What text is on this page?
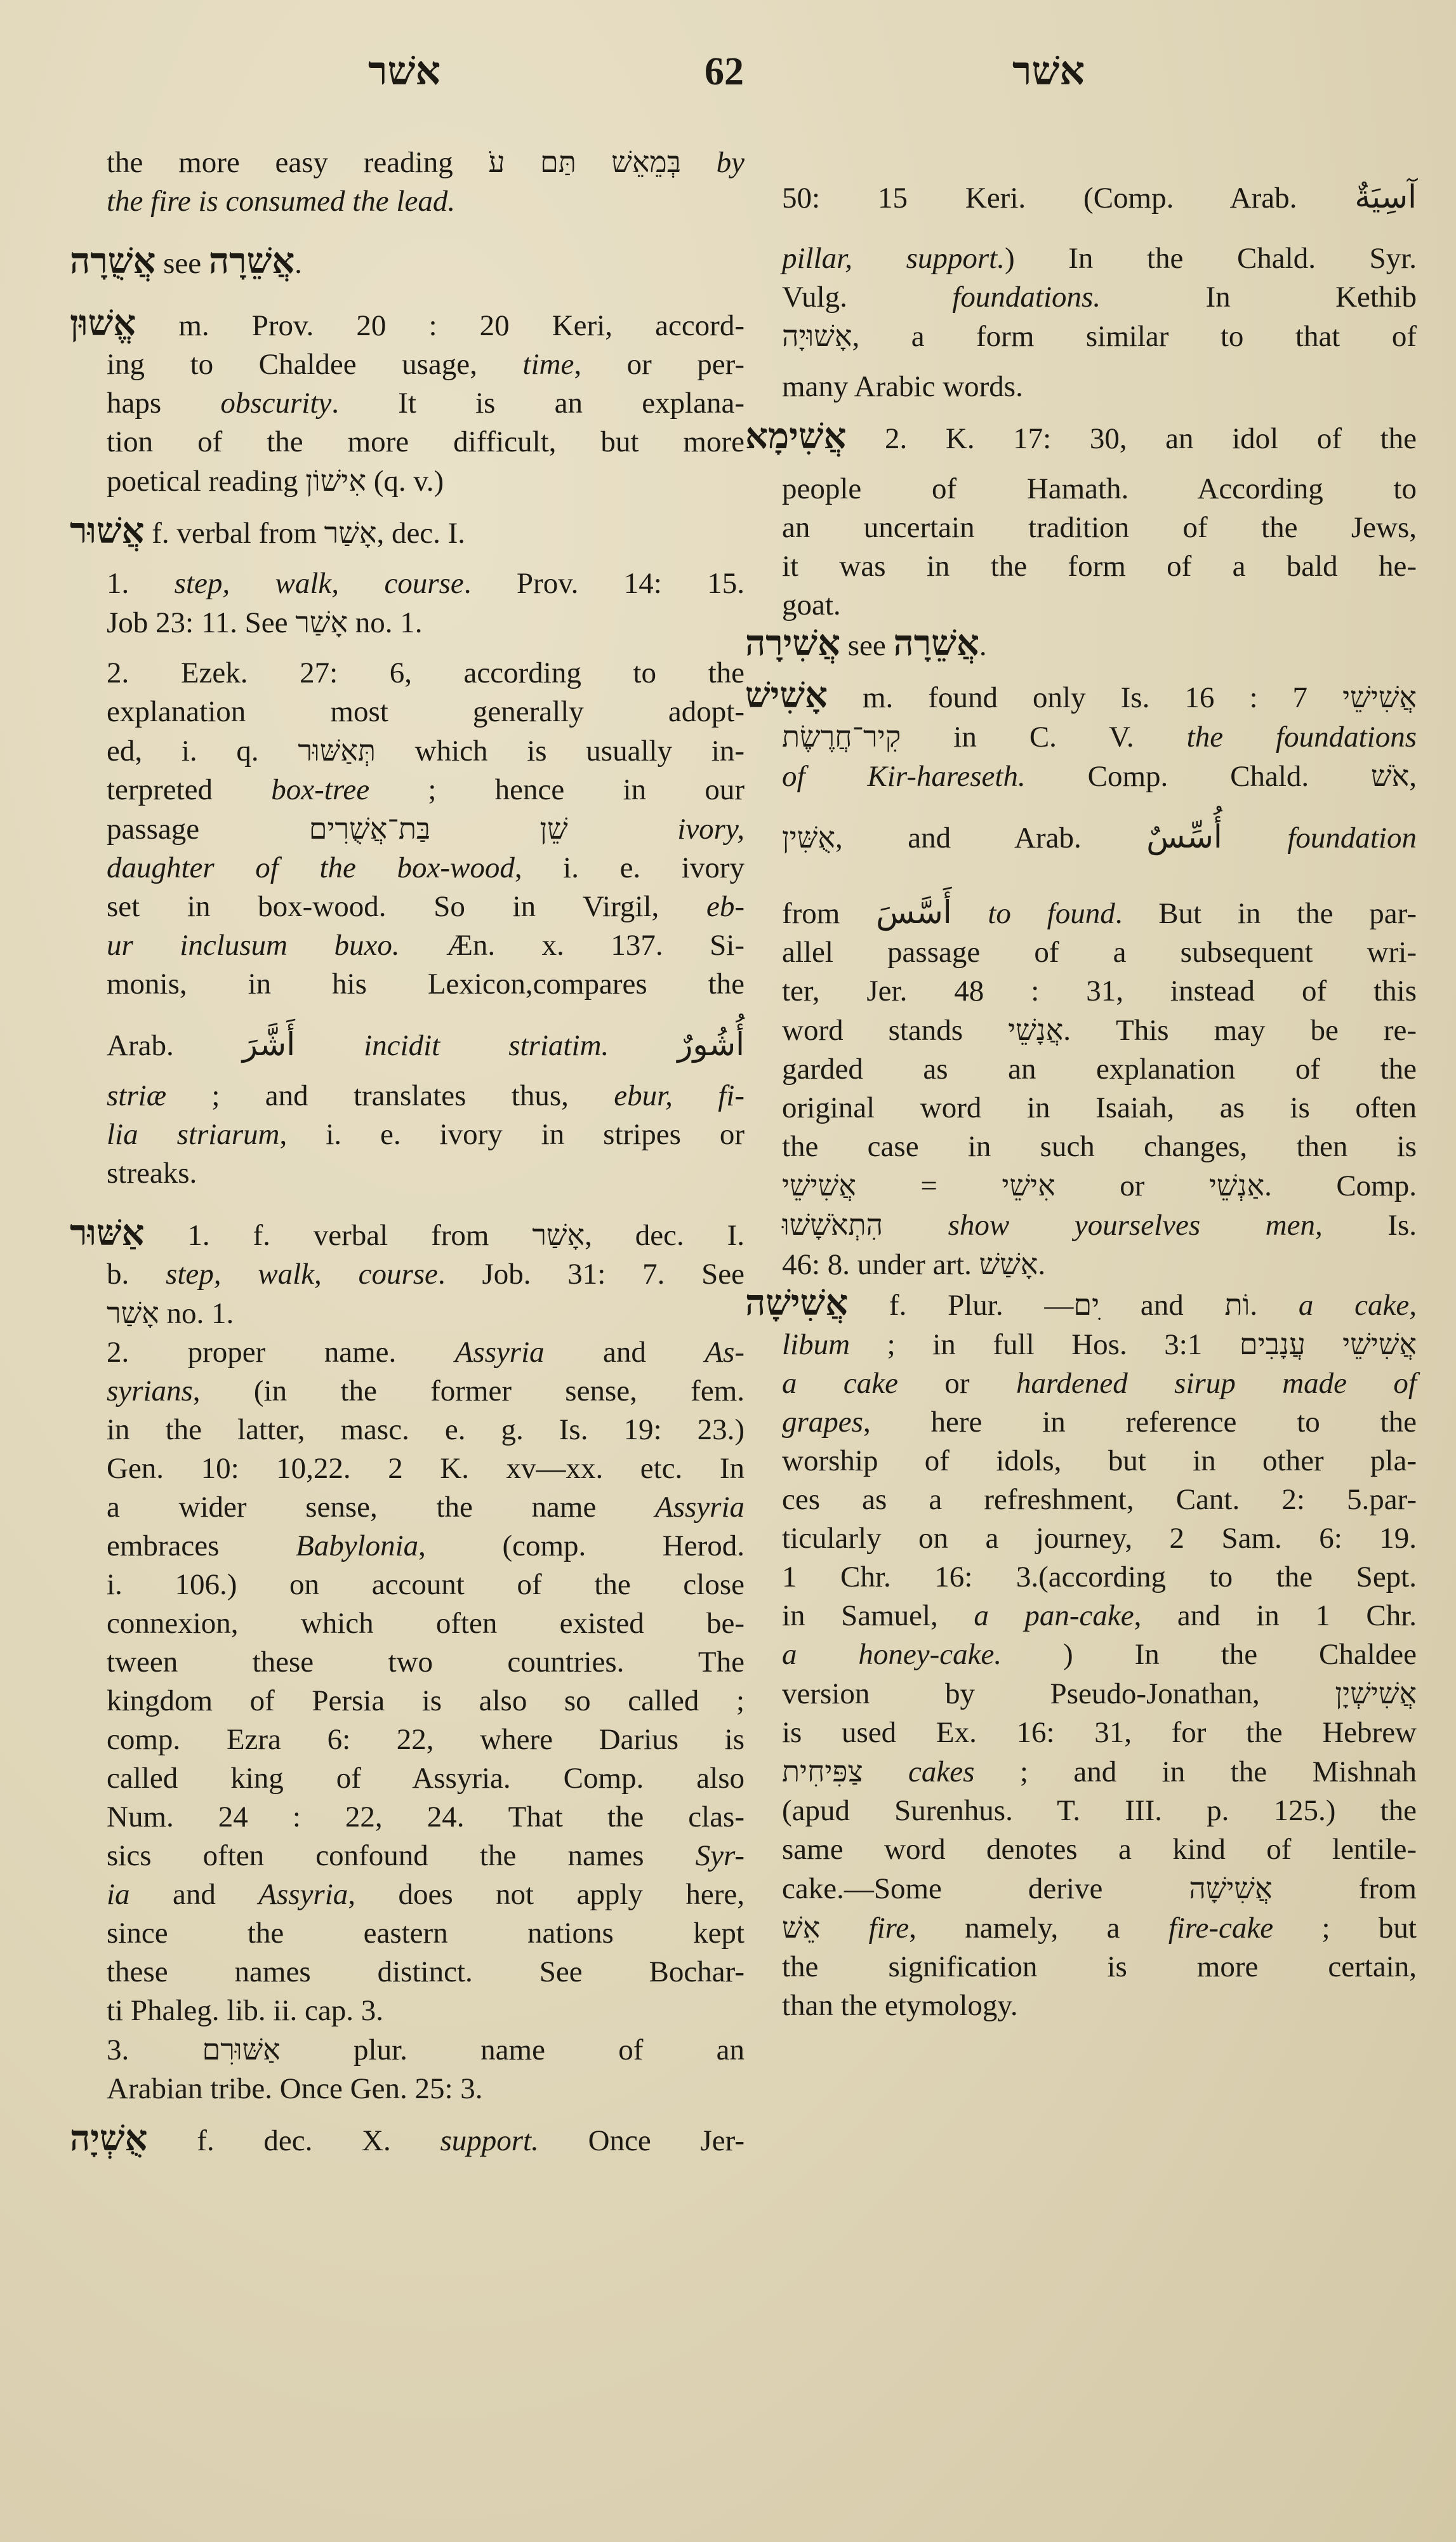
אשׁר	62	אשׁר
the more easy reading בְּמֵאֵשׁ תַּם עֹ by
the fire is consumed the lead.
אֲשֻׁרָה see אֲשֵׁרָה.
אֱשׁוּן m. Prov. 20 : 20 Keri, accord-
ing to Chaldee usage, time, or per-
haps obscurity. It is an explana-
tion of the more difficult, but more
poetical reading אִישׁוֹן (q. v.)
אֲשׁוּר f. verbal from אָשַׁר, dec. I.
1. step, walk, course. Prov. 14: 15.
Job 23: 11. See אָשַׁר no. 1.
2. Ezek. 27: 6, according to the
explanation most generally adopt-
ed, i. q. תְּאַשּׁוּר which is usually in-
terpreted box-tree ; hence in our
passage שֵׁן בַּת־אֲשֻׁרִים	ivory,
daughter of the box-wood, i. e. ivory
set in box-wood. So in Virgil, eb-
ur inclusum buxo. Æn. x. 137. Si-
monis, in his Lexicon,compares the
Arab. أَشَّرَ incidit striatim. أُشُورٌ
striæ ; and translates thus, ebur, fi-
lia striarum, i. e. ivory in stripes or
streaks.
אַשּׁוּר 1. f. verbal from אָשַׁר, dec. I.
b. step, walk, course. Job. 31: 7. See
אָשַׁר no. 1.
2. proper name. Assyria and As-
syrians, (in the former sense, fem.
in the latter, masc. e. g. Is. 19: 23.)
Gen. 10: 10,22. 2 K. xv—xx. etc. In
a wider sense, the name Assyria
embraces Babylonia, (comp. Herod.
i. 106.) on account of the close
connexion, which often existed be-
tween these two countries. The
kingdom of Persia is also so called ;
comp. Ezra 6: 22, where Darius is
called king of Assyria. Comp. also
Num. 24 : 22, 24. That the clas-
sics often confound the names Syr-
ia and Assyria, does not apply here,
since the eastern nations kept
these names distinct. See Bochar-
ti Phaleg. lib. ii. cap. 3.
3. אַשּׁוּרִם plur. name of an
Arabian tribe. Once Gen. 25: 3.
אֻשְׁיָה f. dec. X. support. Once Jer-
50: 15 Keri. (Comp. Arab. آسِيَةٌ
pillar, support.) In the Chald. Syr.
Vulg. foundations. In Kethib
אָשׁוּיָה, a form similar to that of
many Arabic words.
אֲשִׁימָא 2. K. 17: 30, an idol of the
people of Hamath. According to
an uncertain tradition of the Jews,
it was in the form of a bald he-
goat.
אֲשִׁירָה see אֲשֵׁרָה.
אָשִׁישׁ m. found only Is. 16 : 7 אֲשִׁישֵׁי
קִיר־חֲרֶשֶׂת in C. V. the foundations
of Kir-hareseth. Comp. Chald. אֹשׁ,
אֻשִּׁין, and Arab. أُسِّسٌ foundation
from أَسَّسَ to found. But in the par-
allel passage of a subsequent wri-
ter, Jer. 48 : 31, instead of this
word stands אֲנָשֵׁי. This may be re-
garded as an explanation of the
original word in Isaiah, as is often
the case in such changes, then is
אֲשִׁישֵׁי = אִישֵׁי or אַנְשֵׁי. Comp.
הִתְאֹשָׁשׁוּ show yourselves men, Is.
46: 8. under art. אָשַׁשׁ.
אֲשִׁישָׁה f. Plur. ִים— and וֹת. a cake,
libum ; in full Hos. 3:1 אֲשִׁישֵׁי עֲנָבִים
a cake or hardened sirup made of
grapes, here in reference to the
worship of idols, but in other pla-
ces as a refreshment, Cant. 2: 5.par-
ticularly on a journey, 2 Sam. 6: 19.
1 Chr. 16: 3.(according to the Sept.
in Samuel, a pan-cake, and in 1 Chr.
a honey-cake. ) In the Chaldee
version by Pseudo-Jonathan, אֲשִׁישְׁיָן
is used Ex. 16: 31, for the Hebrew
צַפִּיחִית cakes ; and in the Mishnah
(apud Surenhus. T. III. p. 125.) the
same word denotes a kind of lentile-
cake.—Some derive אֲשִׁישָׁה from
אֵשׁ fire, namely, a fire-cake ; but
the signification is more certain,
than the etymology.
